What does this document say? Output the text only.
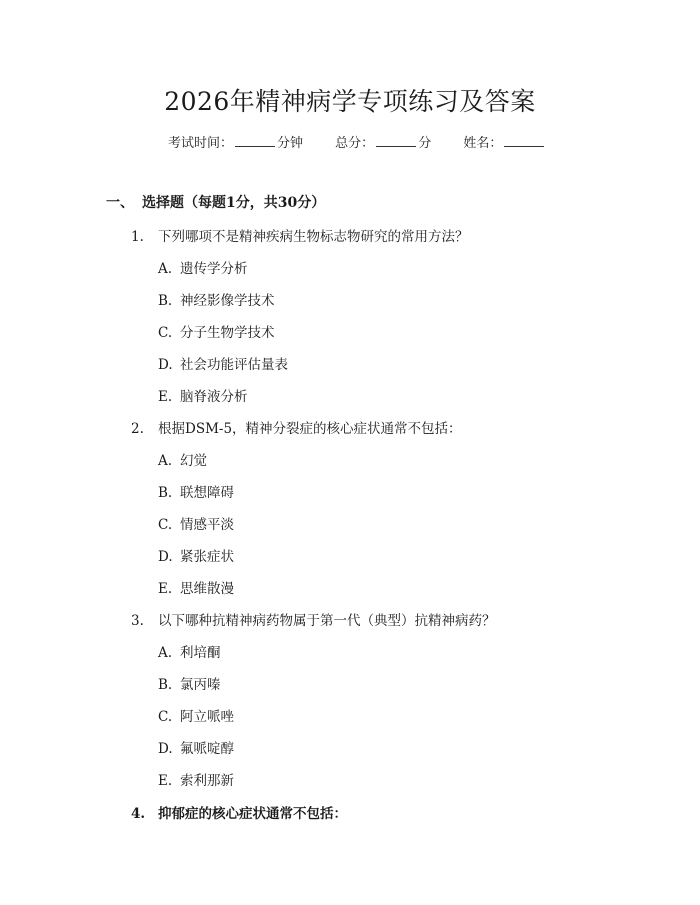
2026年精神病学专项练习及答案
考试时间：	分钟 总分：	分 姓名：
一、 选择题（每题1分，共30分）
1. 下列哪项不是精神疾病生物标志物研究的常用方法？
A. 遗传学分析
B. 神经影像学技术
C. 分子生物学技术
D. 社会功能评估量表
E. 脑脊液分析
2. 根据DSM-5，精神分裂症的核心症状通常不包括：
A. 幻觉
B. 联想障碍
C. 情感平淡
D. 紧张症状
E. 思维散漫
3. 以下哪种抗精神病药物属于第一代（典型）抗精神病药？
A. 利培酮
B. 氯丙嗪
C. 阿立哌唑
D. 氟哌啶醇
E. 索利那新
4. 抑郁症的核心症状通常不包括：
